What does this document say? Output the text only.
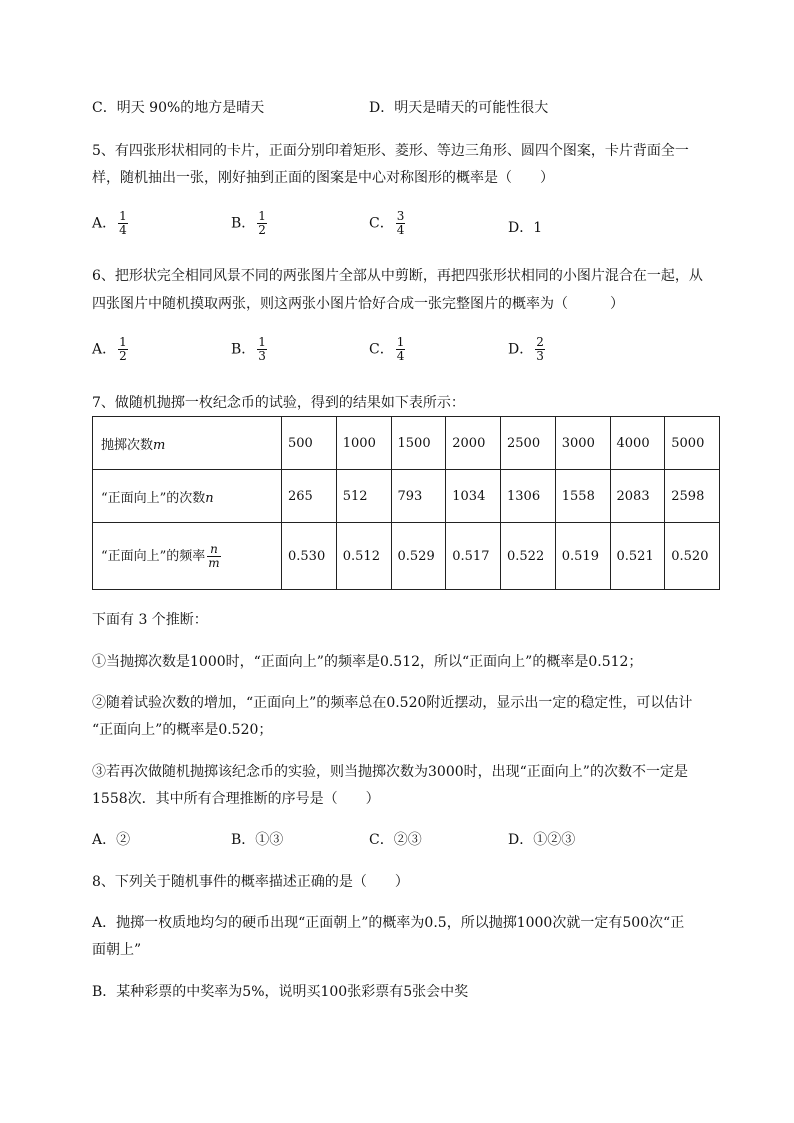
C．明天 90%的地方是晴天	D．明天是晴天的可能性很大
5、有四张形状相同的卡片，正面分别印着矩形、菱形、等边三角形、圆四个图案，卡片背面全一
样，随机抽出一张，刚好抽到正面的图案是中心对称图形的概率是（　　）
A． $\frac{1}{4}$	B． $\frac{1}{2}$	C． $\frac{3}{4}$	D．1
6、把形状完全相同风景不同的两张图片全部从中剪断，再把四张形状相同的小图片混合在一起，从
四张图片中随机摸取两张，则这两张小图片恰好合成一张完整图片的概率为（　　　）
A． $\frac{1}{2}$	B． $\frac{1}{3}$	C． $\frac{1}{4}$	D． $\frac{2}{3}$
7、做随机抛掷一枚纪念币的试验，得到的结果如下表所示：
抛掷次数m	500	1000	1500	2000	2500	3000	4000	5000
“正面向上”的次数n	265	512	793	1034	1306	1558	2083	2598
“正面向上”的频率 $\frac{n}{m}$	0.530	0.512	0.529	0.517	0.522	0.519	0.521	0.520
下面有 3 个推断：
①当抛掷次数是1000时，“正面向上”的频率是0.512，所以“正面向上”的概率是0.512；
②随着试验次数的增加，“正面向上”的频率总在0.520附近摆动，显示出一定的稳定性，可以估计
“正面向上”的概率是0.520；
③若再次做随机抛掷该纪念币的实验，则当抛掷次数为3000时，出现“正面向上”的次数不一定是
1558次．其中所有合理推断的序号是（　　）
A．②	B．①③	C．②③	D．①②③
8、下列关于随机事件的概率描述正确的是（　　）
A．抛掷一枚质地均匀的硬币出现“正面朝上”的概率为0.5，所以抛掷1000次就一定有500次“正
面朝上”
B．某种彩票的中奖率为5%，说明买100张彩票有5张会中奖
